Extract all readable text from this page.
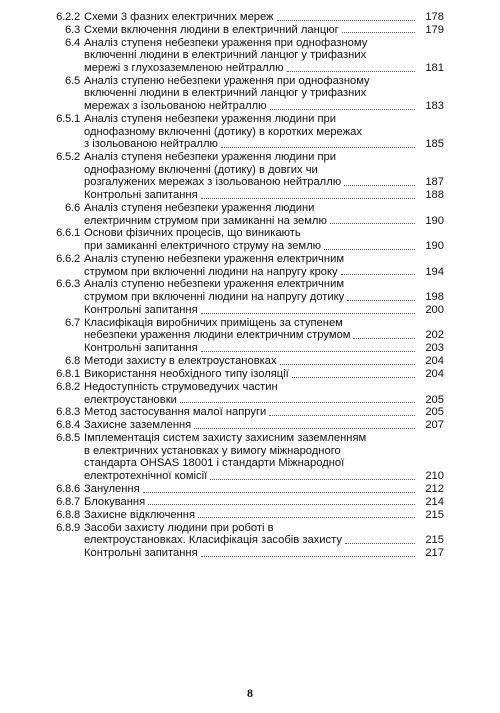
6.2.2 Схеми 3 фазних електричних мереж	178
6.3 Схеми включення людини в електричний ланцюг	179
6.4 Аналіз ступеня небезпеки ураження при однофазному
включенні людини в електричний ланцюг у трифазних
мережі з глухозаземленою нейтраллю	181
6.5 Аналіз ступеню небезпеки ураження при однофазному
включенні людини в електричний ланцюг у трифазних
мережах з ізольованою нейтраллю	183
6.5.1 Аналіз ступеня небезпеки ураження людини при
однофазному включенні (дотику) в коротких мережах
з ізольованою нейтраллю	185
6.5.2 Аналіз ступеня небезпеки ураження людини при
однофазному включенні (дотику) в довгих чи
розгалужених мережах з ізольованою нейтраллю	187
Контрольні запитання	188
6.6 Аналіз ступеня небезпеки ураження людини
електричним струмом при замиканні на землю	190
6.6.1 Основи фізичних процесів, що виникають
при замиканні електричного струму на землю	190
6.6.2 Аналіз ступеню небезпеки ураження електричним
струмом при включенні людини на напругу кроку	194
6.6.3 Аналіз ступеню небезпеки ураження електричним
струмом при включенні людини на напругу дотику	198
Контрольні запитання	200
6.7 Класифікація виробничих приміщень за ступенем
небезпеки ураження людини електричним струмом	202
Контрольні запитання	203
6.8 Методи захисту в електроустановках	204
6.8.1 Використання необхідного типу ізоляції	204
6.8.2 Недоступність струмоведучих частин
електроустановки	205
6.8.3 Метод застосування малої напруги	205
6.8.4 Захисне заземлення	207
6.8.5 Імплементація систем захисту захисним заземленням
в електричних установках у вимогу міжнародного
стандарта OHSAS 18001 і стандарти Міжнародної
електротехнічної комісії	210
6.8.6 Занулення	212
6.8.7 Блокування	214
6.8.8 Захисне відключення	215
6.8.9 Засоби захисту людини при роботі в
електроустановках. Класифікація засобів захисту	215
Контрольні запитання	217
8
